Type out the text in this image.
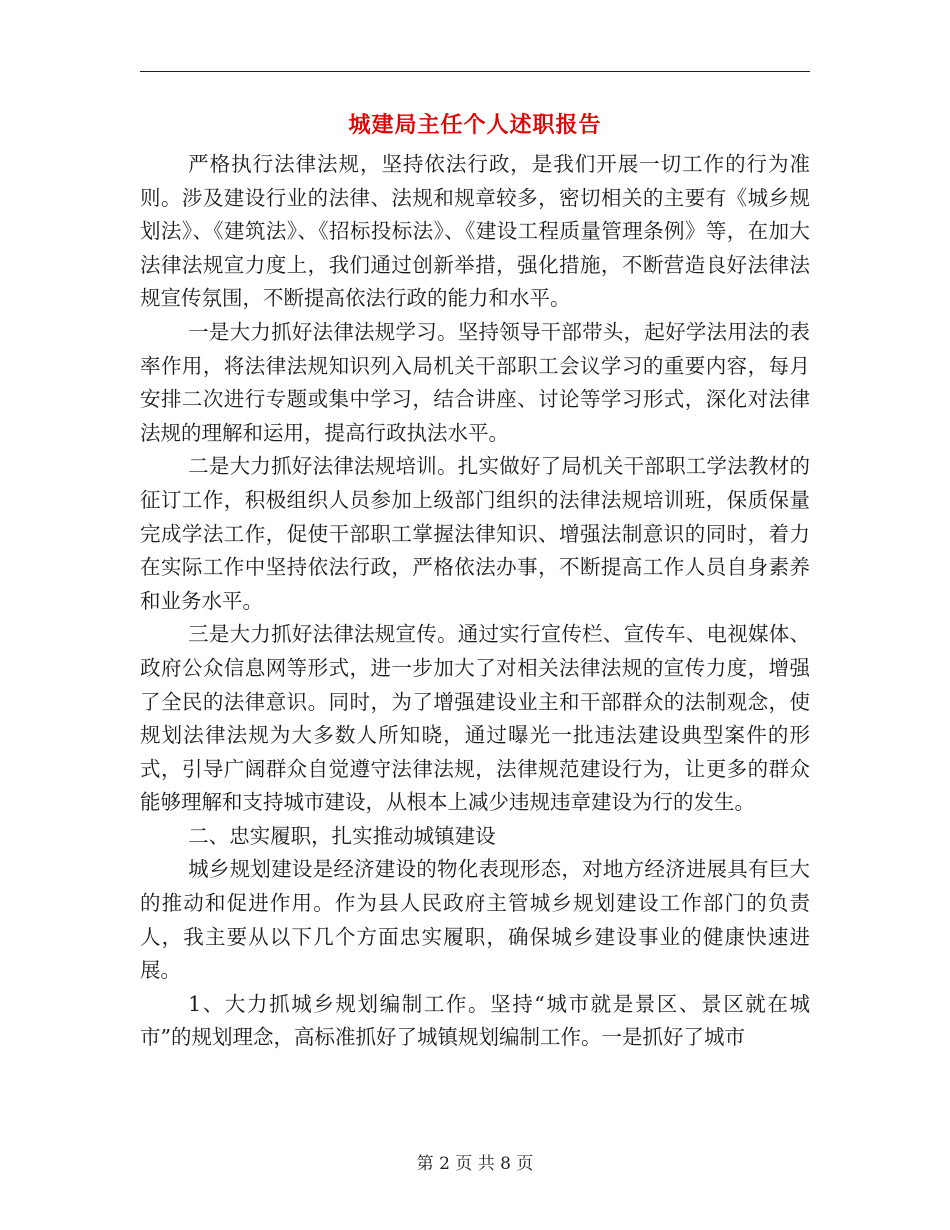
城建局主任个人述职报告

严格执行法律法规，坚持依法行政，是我们开展一切工作的行为准则。涉及建设行业的法律、法规和规章较多，密切相关的主要有《城乡规划法》、《建筑法》、《招标投标法》、《建设工程质量管理条例》等，在加大法律法规宣力度上，我们通过创新举措，强化措施，不断营造良好法律法规宣传氛围，不断提高依法行政的能力和水平。

一是大力抓好法律法规学习。坚持领导干部带头，起好学法用法的表率作用，将法律法规知识列入局机关干部职工会议学习的重要内容，每月安排二次进行专题或集中学习，结合讲座、讨论等学习形式，深化对法律法规的理解和运用，提高行政执法水平。

二是大力抓好法律法规培训。扎实做好了局机关干部职工学法教材的征订工作，积极组织人员参加上级部门组织的法律法规培训班，保质保量完成学法工作，促使干部职工掌握法律知识、增强法制意识的同时，着力在实际工作中坚持依法行政，严格依法办事，不断提高工作人员自身素养和业务水平。

三是大力抓好法律法规宣传。通过实行宣传栏、宣传车、电视媒体、政府公众信息网等形式，进一步加大了对相关法律法规的宣传力度，增强了全民的法律意识。同时，为了增强建设业主和干部群众的法制观念，使规划法律法规为大多数人所知晓，通过曝光一批违法建设典型案件的形式，引导广阔群众自觉遵守法律法规，法律规范建设行为，让更多的群众能够理解和支持城市建设，从根本上减少违规违章建设为行的发生。

二、忠实履职，扎实推动城镇建设

城乡规划建设是经济建设的物化表现形态，对地方经济进展具有巨大的推动和促进作用。作为县人民政府主管城乡规划建设工作部门的负责人，我主要从以下几个方面忠实履职，确保城乡建设事业的健康快速进展。

1、大力抓城乡规划编制工作。坚持“城市就是景区、景区就在城市”的规划理念，高标准抓好了城镇规划编制工作。一是抓好了城市

第 2 页 共 8 页
